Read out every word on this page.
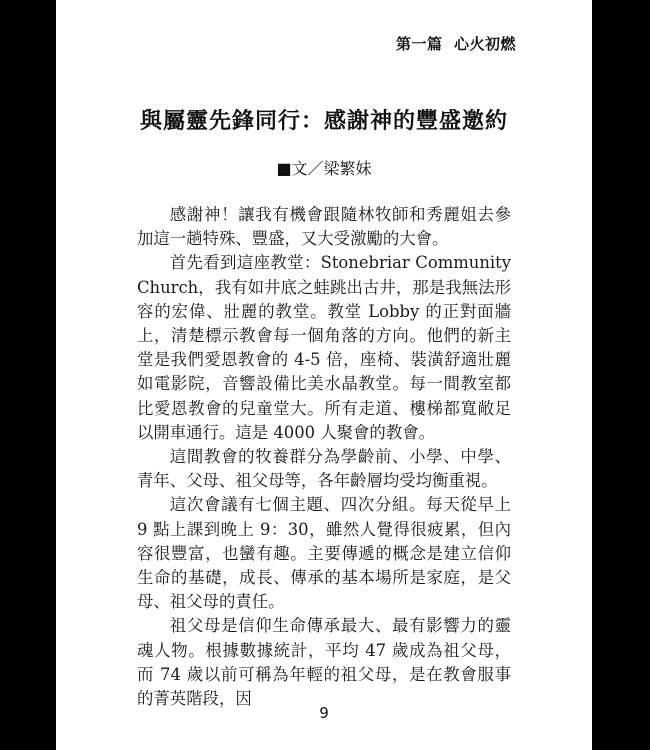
第一篇  心火初燃
與屬靈先鋒同行：感謝神的豐盛邀約
■文／梁繁妹

感謝神！讓我有機會跟隨林牧師和秀麗姐去參加這一趟特殊、豐盛，又大受激勵的大會。

首先看到這座教堂：Stonebriar Community Church，我有如井底之蛙跳出古井，那是我無法形容的宏偉、壯麗的教堂。教堂 Lobby 的正對面牆上，清楚標示教會每一個角落的方向。他們的新主堂是我們愛恩教會的 4-5 倍，座椅、裝潢舒適壯麗如電影院，音響設備比美水晶教堂。每一間教室都比愛恩教會的兒童堂大。所有走道、樓梯都寬敞足以開車通行。這是 4000 人聚會的教會。

這間教會的牧養群分為學齡前、小學、中學、青年、父母、祖父母等，各年齡層均受均衡重視。

這次會議有七個主題、四次分組。每天從早上 9 點上課到晚上 9：30，雖然人覺得很疲累，但內容很豐富，也蠻有趣。主要傳遞的概念是建立信仰生命的基礎，成長、傳承的基本場所是家庭，是父母、祖父母的責任。

祖父母是信仰生命傳承最大、最有影響力的靈魂人物。根據數據統計，平均 47 歲成為祖父母，而 74 歲以前可稱為年輕的祖父母，是在教會服事的菁英階段，因

9
